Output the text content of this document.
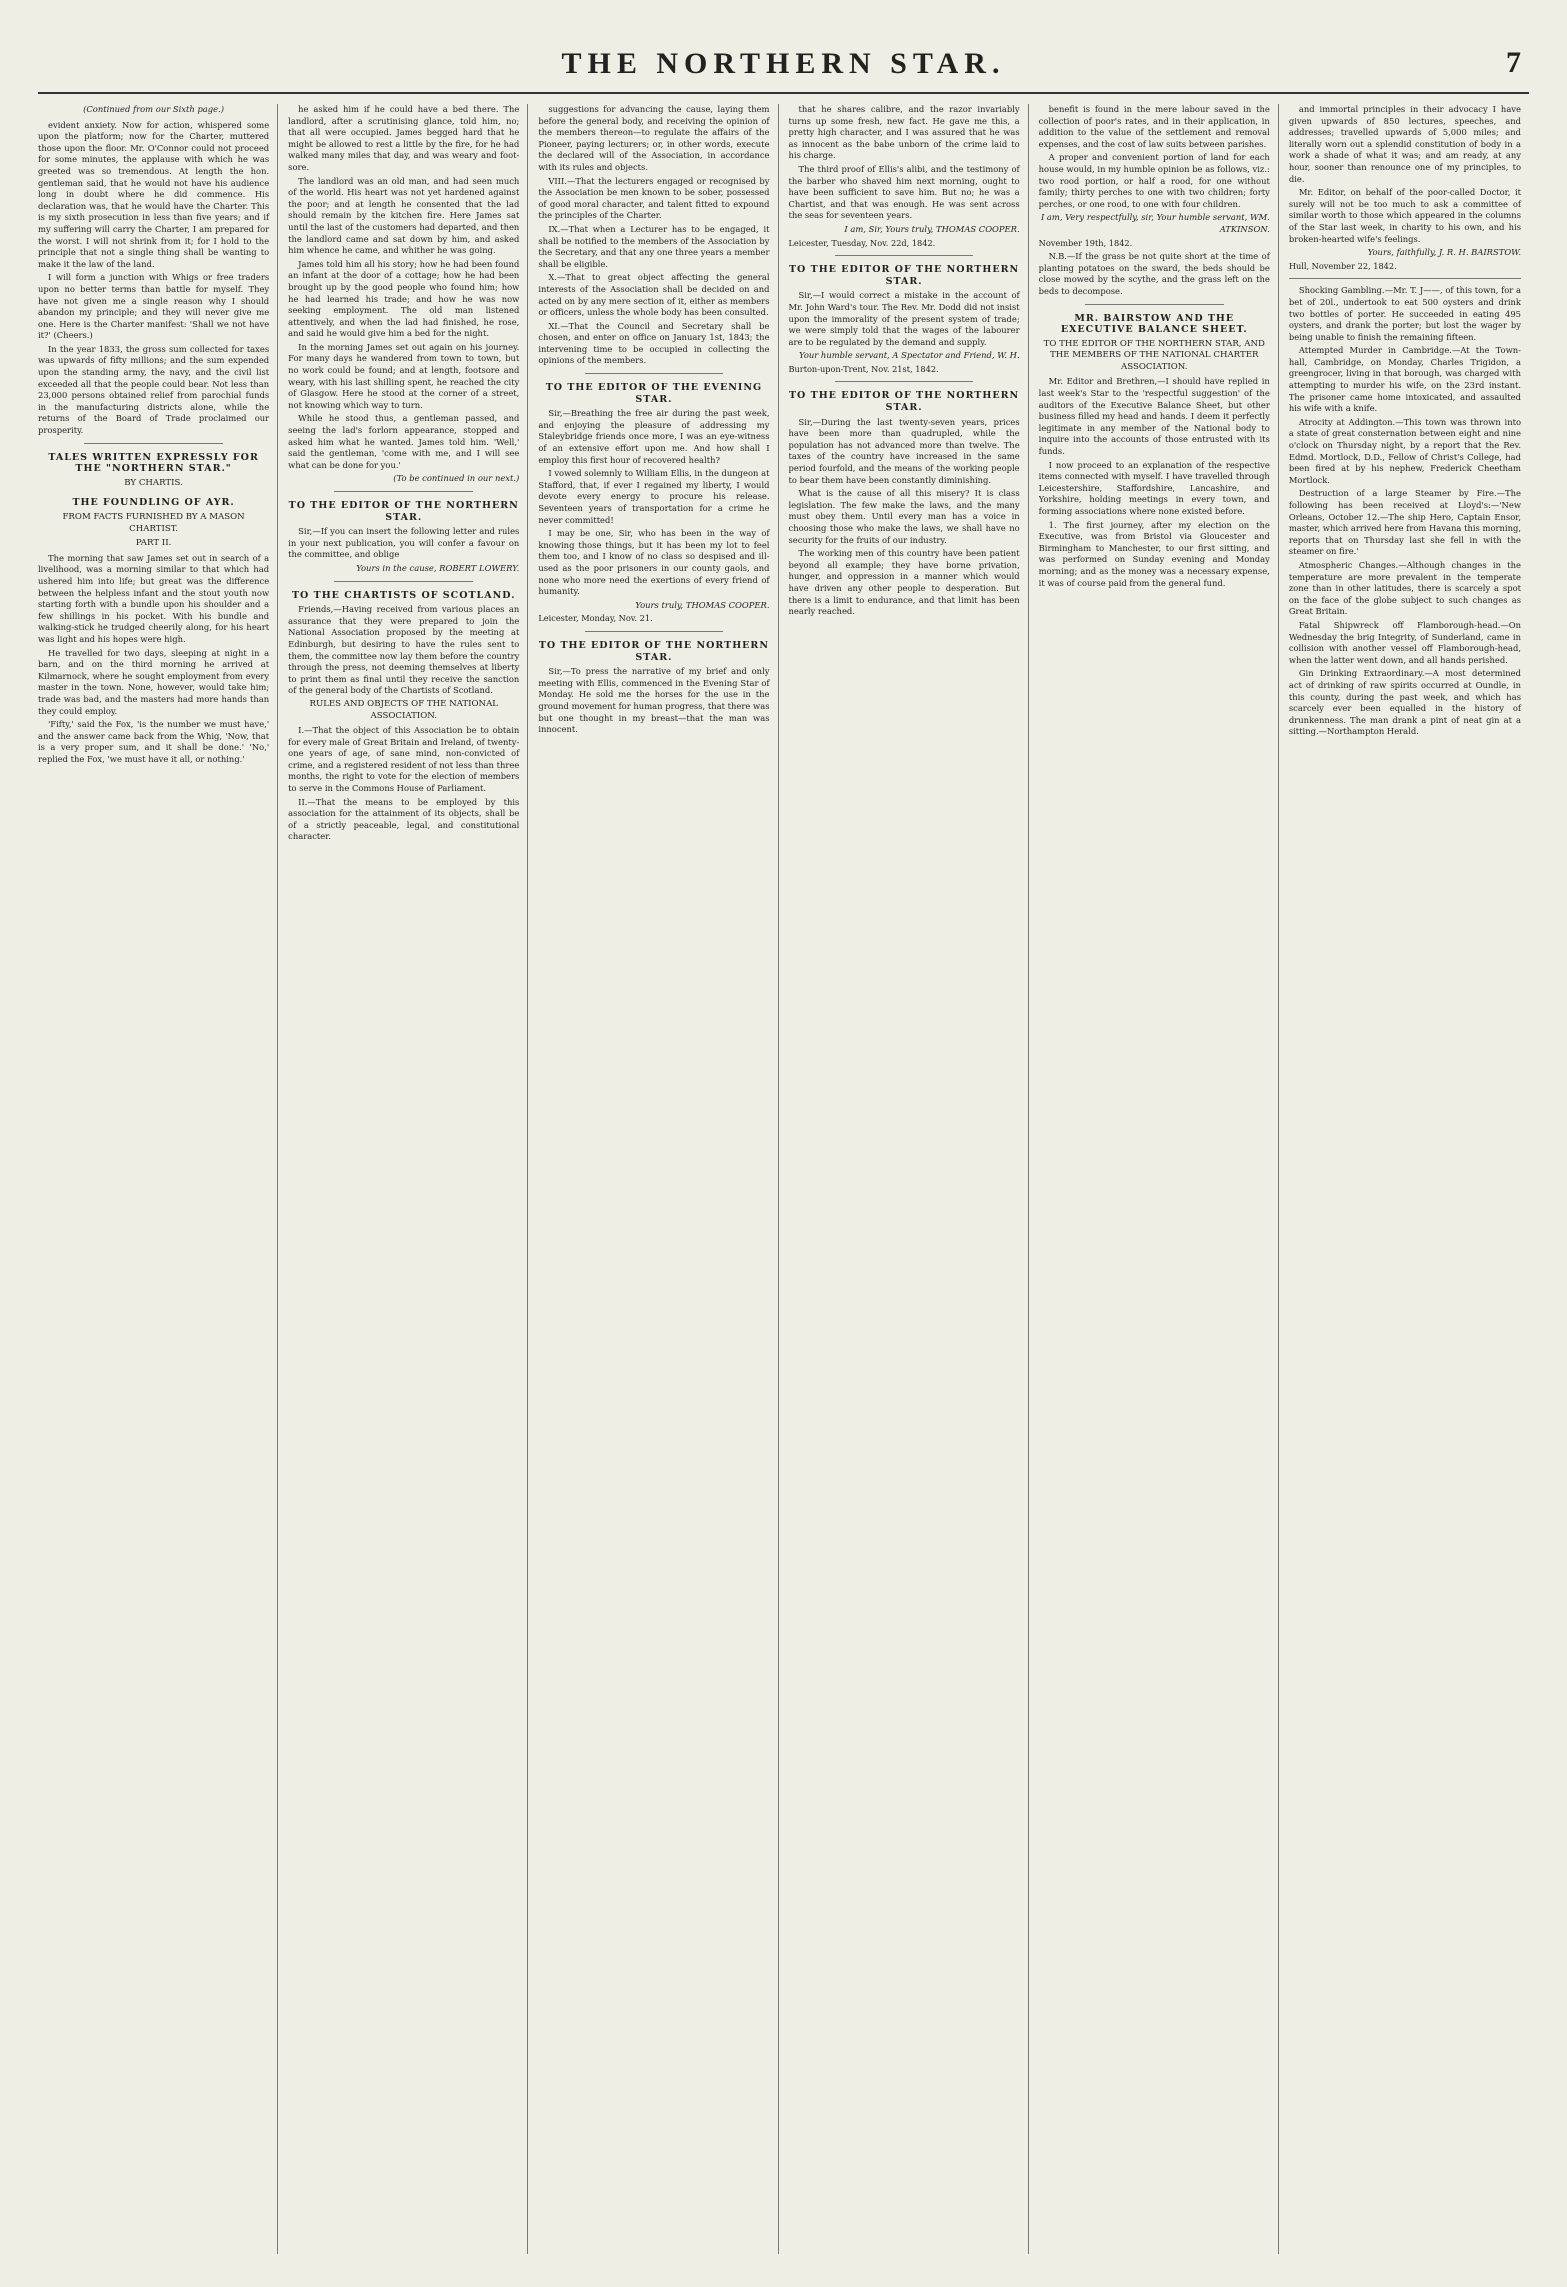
THE NORTHERN STAR.	7

(Continued from our Sixth page.)

evident anxiety. Now for action, whispered some upon the platform; now for the Charter, muttered those upon the floor. Mr. O'Connor could not proceed for some minutes, the applause with which he was greeted was so tremendous. At length the hon. gentleman said, that he would not have his audience long in doubt where he did commence. His declaration was, that he would have the Charter. This is my sixth prosecution in less than five years; and if my suffering will carry the Charter, I am prepared for the worst. I will not shrink from it; for I hold to the principle that not a single thing shall be wanting to make it the law of the land.

I will form a junction with Whigs or free traders upon no better terms than battle for myself. They have not given me a single reason why I should abandon my principle; and they will never give me one. Here is the Charter manifest: 'Shall we not have it?' (Cheers.)

In the year 1833, the gross sum collected for taxes was upwards of fifty millions; and the sum expended upon the standing army, the navy, and the civil list exceeded all that the people could bear. Not less than 23,000 persons obtained relief from parochial funds in the manufacturing districts alone, while the returns of the Board of Trade proclaimed our prosperity.

TALES WRITTEN EXPRESSLY FOR THE "NORTHERN STAR."
BY CHARTIS.
THE FOUNDLING OF AYR.
FROM FACTS FURNISHED BY A MASON CHARTIST.
PART II.

The morning that saw James set out in search of a livelihood, was a morning similar to that which had ushered him into life; but great was the difference between the helpless infant and the stout youth now starting forth with a bundle upon his shoulder and a few shillings in his pocket. With his bundle and walking-stick he trudged cheerily along, for his heart was light and his hopes were high.

He travelled for two days, sleeping at night in a barn, and on the third morning he arrived at Kilmarnock, where he sought employment from every master in the town. None, however, would take him; trade was bad, and the masters had more hands than they could employ.

'Fifty,' said the Fox, 'is the number we must have,' and the answer came back from the Whig, 'Now, that is a very proper sum, and it shall be done.' 'No,' replied the Fox, 'we must have it all, or nothing.'

he asked him if he could have a bed there. The landlord, after a scrutinising glance, told him, no; that all were occupied. James begged hard that he might be allowed to rest a little by the fire, for he had walked many miles that day, and was weary and foot-sore.

The landlord was an old man, and had seen much of the world. His heart was not yet hardened against the poor; and at length he consented that the lad should remain by the kitchen fire. Here James sat until the last of the customers had departed, and then the landlord came and sat down by him, and asked him whence he came, and whither he was going.

James told him all his story; how he had been found an infant at the door of a cottage; how he had been brought up by the good people who found him; how he had learned his trade; and how he was now seeking employment. The old man listened attentively, and when the lad had finished, he rose, and said he would give him a bed for the night.

In the morning James set out again on his journey. For many days he wandered from town to town, but no work could be found; and at length, footsore and weary, with his last shilling spent, he reached the city of Glasgow. Here he stood at the corner of a street, not knowing which way to turn.

While he stood thus, a gentleman passed, and seeing the lad's forlorn appearance, stopped and asked him what he wanted. James told him. 'Well,' said the gentleman, 'come with me, and I will see what can be done for you.'

(To be continued in our next.)

TO THE EDITOR OF THE NORTHERN STAR.

Sir,—If you can insert the following letter and rules in your next publication, you will confer a favour on the committee, and oblige

Yours in the cause, ROBERT LOWERY.

TO THE CHARTISTS OF SCOTLAND.

Friends,—Having received from various places an assurance that they were prepared to join the National Association proposed by the meeting at Edinburgh, but desiring to have the rules sent to them, the committee now lay them before the country through the press, not deeming themselves at liberty to print them as final until they receive the sanction of the general body of the Chartists of Scotland.

RULES AND OBJECTS OF THE NATIONAL ASSOCIATION.

I.—That the object of this Association be to obtain for every male of Great Britain and Ireland, of twenty-one years of age, of sane mind, non-convicted of crime, and a registered resident of not less than three months, the right to vote for the election of members to serve in the Commons House of Parliament.

II.—That the means to be employed by this association for the attainment of its objects, shall be of a strictly peaceable, legal, and constitutional character.

suggestions for advancing the cause, laying them before the general body, and receiving the opinion of the members thereon—to regulate the affairs of the Pioneer, paying lecturers; or, in other words, execute the declared will of the Association, in accordance with its rules and objects.

VIII.—That the lecturers engaged or recognised by the Association be men known to be sober, possessed of good moral character, and talent fitted to expound the principles of the Charter.

IX.—That when a Lecturer has to be engaged, it shall be notified to the members of the Association by the Secretary, and that any one three years a member shall be eligible.

X.—That to great object affecting the general interests of the Association shall be decided on and acted on by any mere section of it, either as members or officers, unless the whole body has been consulted.

XI.—That the Council and Secretary shall be chosen, and enter on office on January 1st, 1843; the intervening time to be occupied in collecting the opinions of the members.

TO THE EDITOR OF THE EVENING STAR.

Sir,—Breathing the free air during the past week, and enjoying the pleasure of addressing my Staleybridge friends once more, I was an eye-witness of an extensive effort upon me. And how shall I employ this first hour of recovered health?

I vowed solemnly to William Ellis, in the dungeon at Stafford, that, if ever I regained my liberty, I would devote every energy to procure his release. Seventeen years of transportation for a crime he never committed!

I may be one, Sir, who has been in the way of knowing those things, but it has been my lot to feel them too, and I know of no class so despised and ill-used as the poor prisoners in our county gaols, and none who more need the exertions of every friend of humanity.

Yours truly, THOMAS COOPER.

Leicester, Monday, Nov. 21.

TO THE EDITOR OF THE NORTHERN STAR.

Sir,—To press the narrative of my brief and only meeting with Ellis, commenced in the Evening Star of Monday. He sold me the horses for the use in the ground movement for human progress, that there was but one thought in my breast—that the man was innocent.

that he shares calibre, and the razor invariably turns up some fresh, new fact. He gave me this, a pretty high character, and I was assured that he was as innocent as the babe unborn of the crime laid to his charge.

The third proof of Ellis's alibi, and the testimony of the barber who shaved him next morning, ought to have been sufficient to save him. But no; he was a Chartist, and that was enough. He was sent across the seas for seventeen years.

I am, Sir, Yours truly, THOMAS COOPER.

Leicester, Tuesday, Nov. 22d, 1842.

TO THE EDITOR OF THE NORTHERN STAR.

Sir,—I would correct a mistake in the account of Mr. John Ward's tour. The Rev. Mr. Dodd did not insist upon the immorality of the present system of trade; we were simply told that the wages of the labourer are to be regulated by the demand and supply.

Your humble servant, A Spectator and Friend, W. H.

Burton-upon-Trent, Nov. 21st, 1842.

TO THE EDITOR OF THE NORTHERN STAR.

Sir,—During the last twenty-seven years, prices have been more than quadrupled, while the population has not advanced more than twelve. The taxes of the country have increased in the same period fourfold, and the means of the working people to bear them have been constantly diminishing.

What is the cause of all this misery? It is class legislation. The few make the laws, and the many must obey them. Until every man has a voice in choosing those who make the laws, we shall have no security for the fruits of our industry.

The working men of this country have been patient beyond all example; they have borne privation, hunger, and oppression in a manner which would have driven any other people to desperation. But there is a limit to endurance, and that limit has been nearly reached.

benefit is found in the mere labour saved in the collection of poor's rates, and in their application, in addition to the value of the settlement and removal expenses, and the cost of law suits between parishes.

A proper and convenient portion of land for each house would, in my humble opinion be as follows, viz.: two rood portion, or half a rood, for one without family; thirty perches to one with two children; forty perches, or one rood, to one with four children.

I am, Very respectfully, sir, Your humble servant, WM. ATKINSON.

November 19th, 1842.

N.B.—If the grass be not quite short at the time of planting potatoes on the sward, the beds should be close mowed by the scythe, and the grass left on the beds to decompose.

MR. BAIRSTOW AND THE EXECUTIVE BALANCE SHEET.
TO THE EDITOR OF THE NORTHERN STAR, AND THE MEMBERS OF THE NATIONAL CHARTER ASSOCIATION.

Mr. Editor and Brethren,—I should have replied in last week's Star to the 'respectful suggestion' of the auditors of the Executive Balance Sheet, but other business filled my head and hands. I deem it perfectly legitimate in any member of the National body to inquire into the accounts of those entrusted with its funds.

I now proceed to an explanation of the respective items connected with myself. I have travelled through Leicestershire, Staffordshire, Lancashire, and Yorkshire, holding meetings in every town, and forming associations where none existed before.

1. The first journey, after my election on the Executive, was from Bristol via Gloucester and Birmingham to Manchester, to our first sitting, and was performed on Sunday evening and Monday morning; and as the money was a necessary expense, it was of course paid from the general fund.

and immortal principles in their advocacy I have given upwards of 850 lectures, speeches, and addresses; travelled upwards of 5,000 miles; and literally worn out a splendid constitution of body in a work a shade of what it was; and am ready, at any hour, sooner than renounce one of my principles, to die.

Mr. Editor, on behalf of the poor-called Doctor, it surely will not be too much to ask a committee of similar worth to those which appeared in the columns of the Star last week, in charity to his own, and his broken-hearted wife's feelings.

Yours, faithfully, J. R. H. BAIRSTOW.

Hull, November 22, 1842.

Shocking Gambling.—Mr. T. J——, of this town, for a bet of 20l., undertook to eat 500 oysters and drink two bottles of porter. He succeeded in eating 495 oysters, and drank the porter; but lost the wager by being unable to finish the remaining fifteen.

Attempted Murder in Cambridge.—At the Town-hall, Cambridge, on Monday, Charles Trigidon, a greengrocer, living in that borough, was charged with attempting to murder his wife, on the 23rd instant. The prisoner came home intoxicated, and assaulted his wife with a knife.

Atrocity at Addington.—This town was thrown into a state of great consternation between eight and nine o'clock on Thursday night, by a report that the Rev. Edmd. Mortlock, D.D., Fellow of Christ's College, had been fired at by his nephew, Frederick Cheetham Mortlock.

Destruction of a large Steamer by Fire.—The following has been received at Lloyd's:—'New Orleans, October 12.—The ship Hero, Captain Ensor, master, which arrived here from Havana this morning, reports that on Thursday last she fell in with the steamer on fire.'

Atmospheric Changes.—Although changes in the temperature are more prevalent in the temperate zone than in other latitudes, there is scarcely a spot on the face of the globe subject to such changes as Great Britain.

Fatal Shipwreck off Flamborough-head.—On Wednesday the brig Integrity, of Sunderland, came in collision with another vessel off Flamborough-head, when the latter went down, and all hands perished.

Gin Drinking Extraordinary.—A most determined act of drinking of raw spirits occurred at Oundle, in this county, during the past week, and which has scarcely ever been equalled in the history of drunkenness. The man drank a pint of neat gin at a sitting.—Northampton Herald.
